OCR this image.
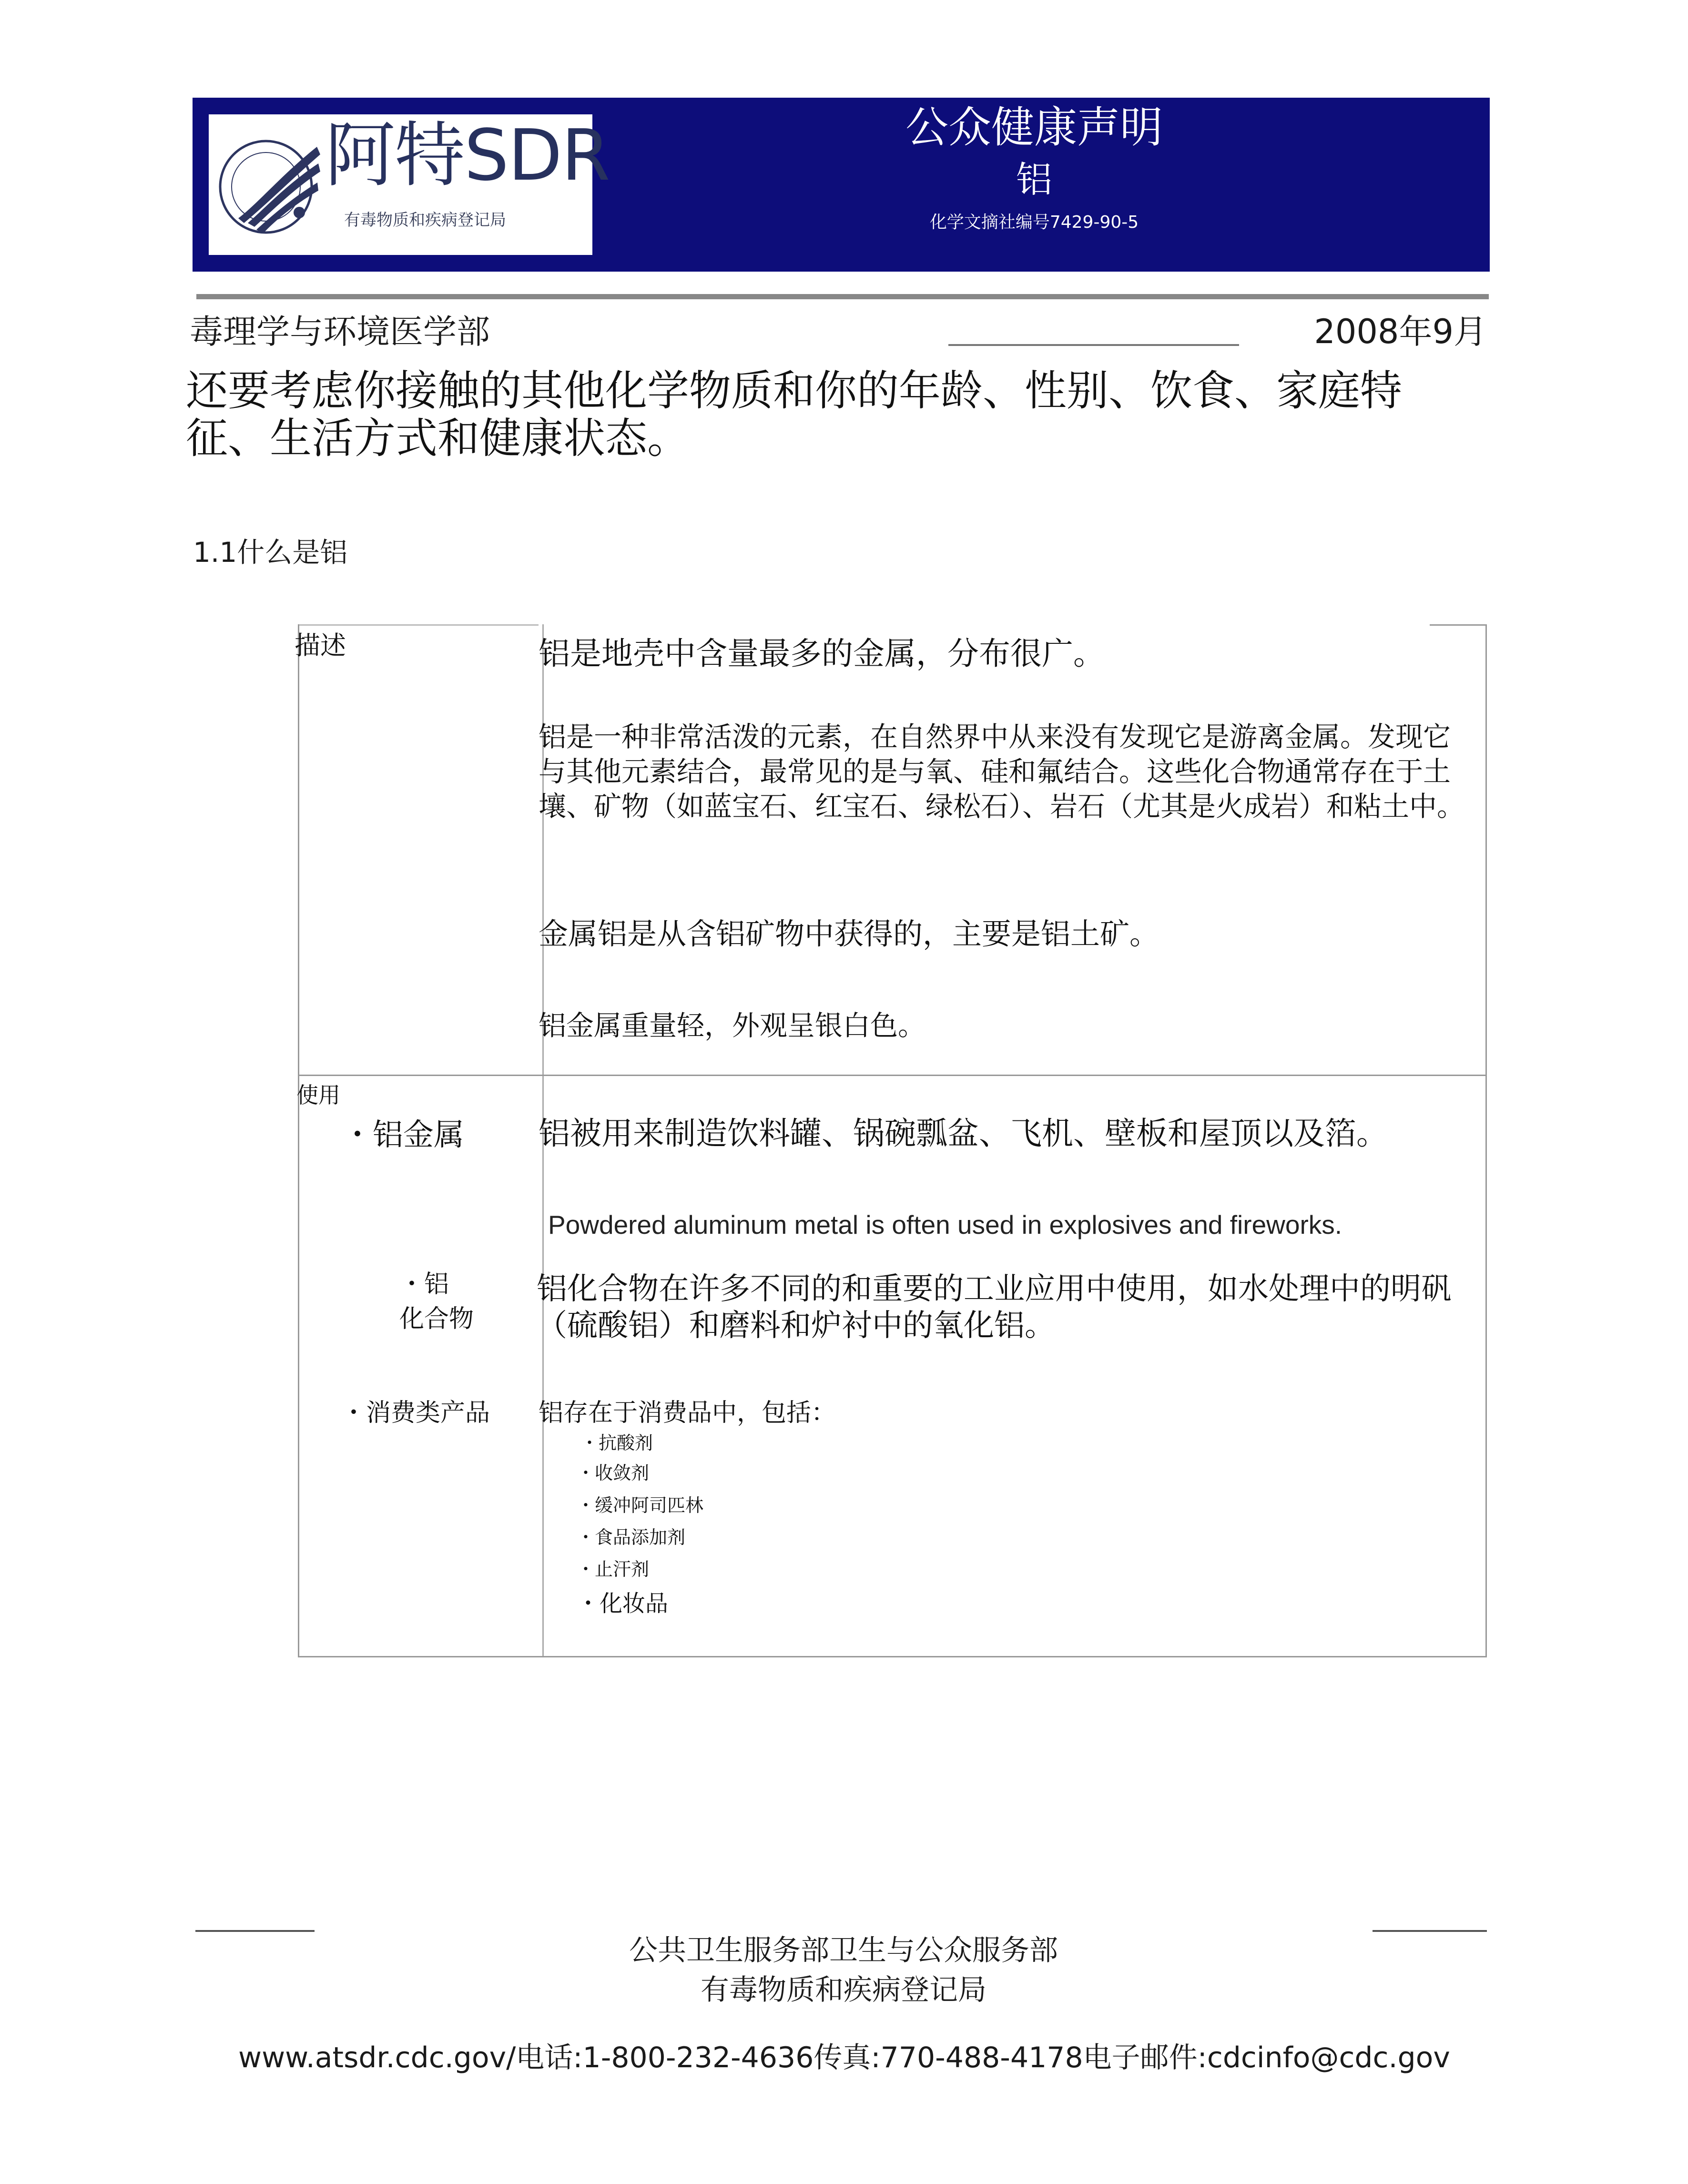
阿特SDR
有毒物质和疾病登记局
公众健康声明
铝
化学文摘社编号7429-90-5
毒理学与环境医学部	2008年9月
还要考虑你接触的其他化学物质和你的年龄、性别、饮食、家庭特征、生活方式和健康状态。
1.1什么是铝
描述	铝是地壳中含量最多的金属，分布很广。
铝是一种非常活泼的元素，在自然界中从来没有发现它是游离金属。发现它与其他元素结合，最常见的是与氧、硅和氟结合。这些化合物通常存在于土壤、矿物（如蓝宝石、红宝石、绿松石）、岩石（尤其是火成岩）和粘土中。
金属铝是从含铝矿物中获得的，主要是铝土矿。
铝金属重量轻，外观呈银白色。
使用
・铝金属 铝被用来制造饮料罐、锅碗瓢盆、飞机、壁板和屋顶以及箔。
Powdered aluminum metal is often used in explosives and fireworks.
・铝
化合物
铝化合物在许多不同的和重要的工业应用中使用，如水处理中的明矾（硫酸铝）和磨料和炉衬中的氧化铝。
・消费类产品 铝存在于消费品中，包括：
・抗酸剂
・收敛剂
・缓冲阿司匹林
・食品添加剂
・止汗剂
・化妆品
公共卫生服务部卫生与公众服务部
有毒物质和疾病登记局
www.atsdr.cdc.gov/电话:1-800-232-4636传真:770-488-4178电子邮件:cdcinfo@cdc.gov
